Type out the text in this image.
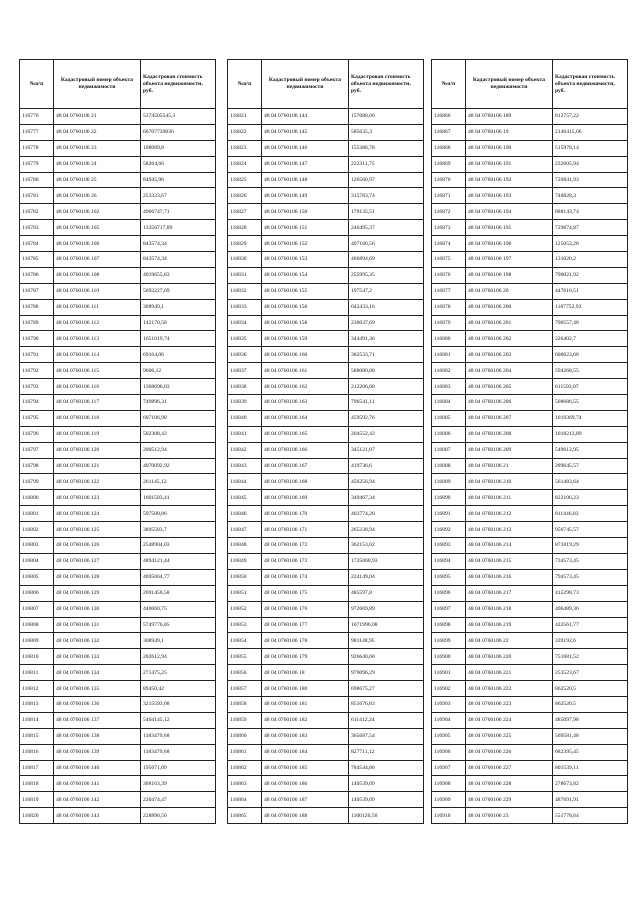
№п/п	Кадастровый номер объекта недвижимости	Кадастровая стоимость объекта недвижимости, руб.
116776	48 04 0760106 21	5374505545,3
116777	48 04 0760106 22	66707739036
116778	48 04 0760106 23	108089,8
116779	48 04 0760106 24	58264,66
116780	48 04 0760106 25	84945,96
116781	48 04 0760106 26	253323,67
116782	48 04 0760106 102	4966747,71
116783	48 04 0760106 105	13356717,89
116784	48 04 0760106 106	843574,34
116785	48 04 0760106 107	843574,34
116786	48 04 0760106 108	4019655,83
116787	48 04 0760106 110	5693227,69
116788	48 04 0760106 111	308949,1
116789	48 04 0760106 112	142170,58
116790	48 04 0760106 113	1651019,74
116791	48 04 0760106 114	69164,06
116792	48 04 0760106 115	9606,12
116793	48 04 0760106 116	1368696,03
116794	48 04 0760106 117	749896,31
116795	48 04 0760106 118	607106,98
116796	48 04 0760106 119	502308,42
116797	48 04 0760106 120	200512,94
116798	48 04 0760106 121	4070092,92
116799	48 04 0760106 122	261145,12
116800	48 04 0760106 123	1601503,41
116801	48 04 0760106 124	597500,86
116802	48 04 0760106 125	3895583,7
116803	48 04 0760106 126	2548904,03
116804	48 04 0760106 127	4894121,44
116805	48 04 0760106 128	4695664,77
116806	48 04 0760106 129	2691450,58
116807	48 04 0760106 130	440060,75
116808	48 04 0760106 131	5749776,85
116809	48 04 0760106 132	308949,1
116810	48 04 0760106 133	202612,94
116811	48 04 0760106 134	271475,25
116812	48 04 0760106 135	89450,42
116813	48 04 0760106 136	3215593,68
116814	48 04 0760106 137	5404145,12
116815	48 04 0760106 138	1183479,68
116816	48 04 0760106 139	1183479,68
116817	48 04 0760106 140	195671,09
116818	48 04 0760106 141	308163,39
116819	48 04 0760106 142	220474,47
116820	48 04 0760106 143	228890,56
№п/п	Кадастровый номер объекта недвижимости	Кадастровая стоимость объекта недвижимости, руб.
116821	48 04 0760106 144	157088,06
116822	48 04 0760106 145	585635,3
116823	48 04 0760106 146	155386,78
116824	48 04 0760106 147	222311,75
116825	48 04 0760106 148	126560,97
116826	48 04 0760106 149	315783,74
116827	48 04 0760106 150	179135,51
116828	48 04 0760106 151	246495,37
116829	48 04 0760106 152	407166,56
116830	48 04 0760106 153	466894,69
116831	48 04 0760106 154	255995,35
116832	48 04 0760106 155	197547,2
116833	48 04 0760106 156	642433,16
116834	48 04 0760106 158	236037,69
116835	48 04 0760106 159	344491,36
116836	48 04 0760106 160	382533,71
116837	48 04 0760106 161	588080,08
116838	48 04 0760106 162	212206,68
116839	48 04 0760106 163	796541,11
116840	48 04 0760106 164	459592,76
116841	48 04 0760106 165	204552,42
116842	48 04 0760106 166	345121,07
116843	48 04 0760106 167	419736,6
116844	48 04 0760106 168	456256,94
116845	48 04 0760106 169	349467,34
116846	48 04 0760106 170	403774,28
116847	48 04 0760106 171	265238,94
116848	48 04 0760106 172	362153,02
116849	48 04 0760106 173	1725060,93
116850	48 04 0760106 174	224149,04
116851	48 04 0760106 175	485597,8
116852	48 04 0760106 176	972669,89
116853	48 04 0760106 177	1071996,08
116854	48 04 0760106 178	981148,95
116855	48 04 0760106 179	926640,68
116856	48 04 0760106 18	979096,29
116857	48 04 0760106 180	698675,27
116858	48 04 0760106 181	851676,83
116859	48 04 0760106 182	611412,24
116860	48 04 0760106 183	365687,54
116861	48 04 0760106 184	827711,12
116862	48 04 0760106 185	784544,86
116863	48 04 0760106 186	140539,09
116864	48 04 0760106 187	140539,09
116865	48 04 0760106 188	1100120,56
№п/п	Кадастровый номер объекта недвижимости	Кадастровая стоимость объекта недвижимости, руб.
116866	48 04 0760106 189	812757,22
116867	48 04 0760106 19	2146415,06
116868	48 04 0760106 190	515978,14
116869	48 04 0760106 191	232605,94
116870	48 04 0760106 192	720841,93
116871	48 04 0760106 193	740828,3
116872	48 04 0760106 194	888143,74
116873	48 04 0760106 195	729874,87
116874	48 04 0760106 196	125053,28
116875	48 04 0760106 197	131020,2
116876	48 04 0760106 198	790021,92
116877	48 04 0760106 20	447616,51
116878	48 04 0760106 200	1187752,93
116879	48 04 0760106 201	790557,48
116880	48 04 0760106 202	226402,7
116881	48 04 0760106 203	600623,68
116882	48 04 0760106 204	594268,55
116883	48 04 0760106 205	611593,07
116884	48 04 0760106 206	508686,55
116885	48 04 0760106 207	1019369,74
116886	48 04 0760106 208	1018213,89
116887	48 04 0760106 209	549612,95
116888	48 04 0760106 21	289645,57
116889	48 04 0760106 210	561483,64
116890	48 04 0760106 211	822106,23
116891	48 04 0760106 212	811446,83
116892	48 04 0760106 213	956745,57
116893	48 04 0760106 214	871819,29
116894	48 04 0760106 215	734573,45
116895	48 04 0760106 216	794573,45
116896	48 04 0760106 217	415298,73
116897	48 04 0760106 218	406489,36
116898	48 04 0760106 219	422561,77
116899	48 04 0760106 22	339192,6
116900	48 04 0760106 220	751681,52
116901	48 04 0760106 221	253523,67
116902	48 04 0760106 222	862520,5
116903	48 04 0760106 223	862520,5
116904	48 04 0760106 224	485097,98
116905	48 04 0760106 225	569581,48
116906	48 04 0760106 226	682395,45
116907	48 04 0760106 227	801539,11
116908	48 04 0760106 228	278673,82
116909	48 04 0760106 229	487691,91
116910	48 04 0760106 23	551778,64
